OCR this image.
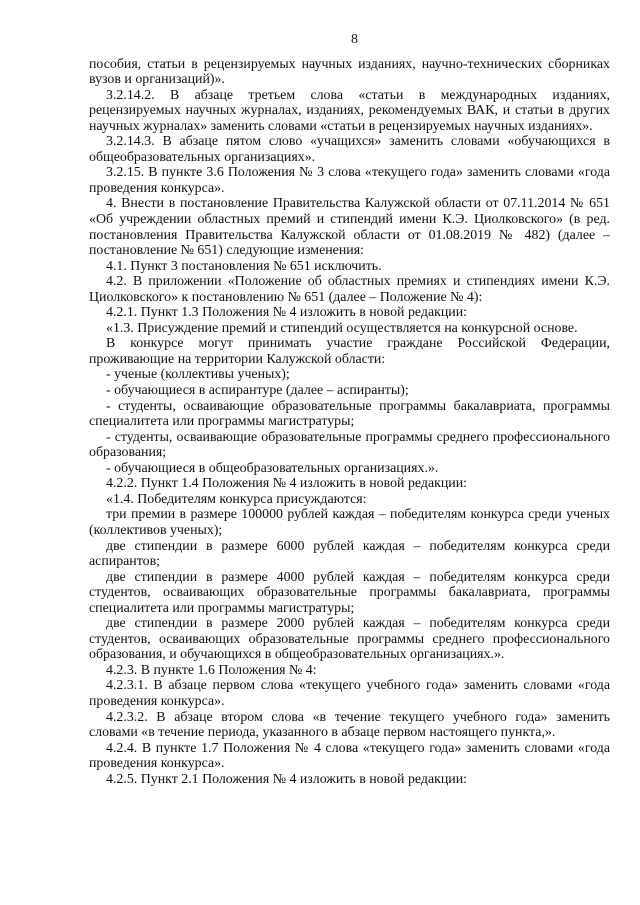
8

пособия, статьи в рецензируемых научных изданиях, научно-технических сборниках вузов и организаций)».

3.2.14.2. В абзаце третьем слова «статьи в международных изданиях, рецензируемых научных журналах, изданиях, рекомендуемых ВАК, и статьи в других научных журналах» заменить словами «статьи в рецензируемых научных изданиях».

3.2.14.3. В абзаце пятом слово «учащихся» заменить словами «обучающихся в общеобразовательных организациях».

3.2.15. В пункте 3.6 Положения № 3 слова «текущего года» заменить словами «года проведения конкурса».

4. Внести в постановление Правительства Калужской области от 07.11.2014 № 651 «Об учреждении областных премий и стипендий имени К.Э. Циолковского» (в ред. постановления Правительства Калужской области от 01.08.2019 № 482) (далее – постановление № 651) следующие изменения:

4.1. Пункт 3 постановления № 651 исключить.

4.2. В приложении «Положение об областных премиях и стипендиях имени К.Э. Циолковского» к постановлению № 651 (далее – Положение № 4):

4.2.1. Пункт 1.3 Положения № 4 изложить в новой редакции:

«1.3. Присуждение премий и стипендий осуществляется на конкурсной основе.

В конкурсе могут принимать участие граждане Российской Федерации, проживающие на территории Калужской области:

- ученые (коллективы ученых);

- обучающиеся в аспирантуре (далее – аспиранты);

- студенты, осваивающие образовательные программы бакалавриата, программы специалитета или программы магистратуры;

- студенты, осваивающие образовательные программы среднего профессионального образования;

- обучающиеся в общеобразовательных организациях.».

4.2.2. Пункт 1.4 Положения № 4 изложить в новой редакции:

«1.4. Победителям конкурса присуждаются:

три премии в размере 100000 рублей каждая – победителям конкурса среди ученых (коллективов ученых);

две стипендии в размере 6000 рублей каждая – победителям конкурса среди аспирантов;

две стипендии в размере 4000 рублей каждая – победителям конкурса среди студентов, осваивающих образовательные программы бакалавриата, программы специалитета или программы магистратуры;

две стипендии в размере 2000 рублей каждая – победителям конкурса среди студентов, осваивающих образовательные программы среднего профессионального образования, и обучающихся в общеобразовательных организациях.».

4.2.3. В пункте 1.6 Положения № 4:

4.2.3.1. В абзаце первом слова «текущего учебного года» заменить словами «года проведения конкурса».

4.2.3.2. В абзаце втором слова «в течение текущего учебного года» заменить словами «в течение периода, указанного в абзаце первом настоящего пункта,».

4.2.4. В пункте 1.7 Положения № 4 слова «текущего года» заменить словами «года проведения конкурса».

4.2.5. Пункт 2.1 Положения № 4 изложить в новой редакции:
